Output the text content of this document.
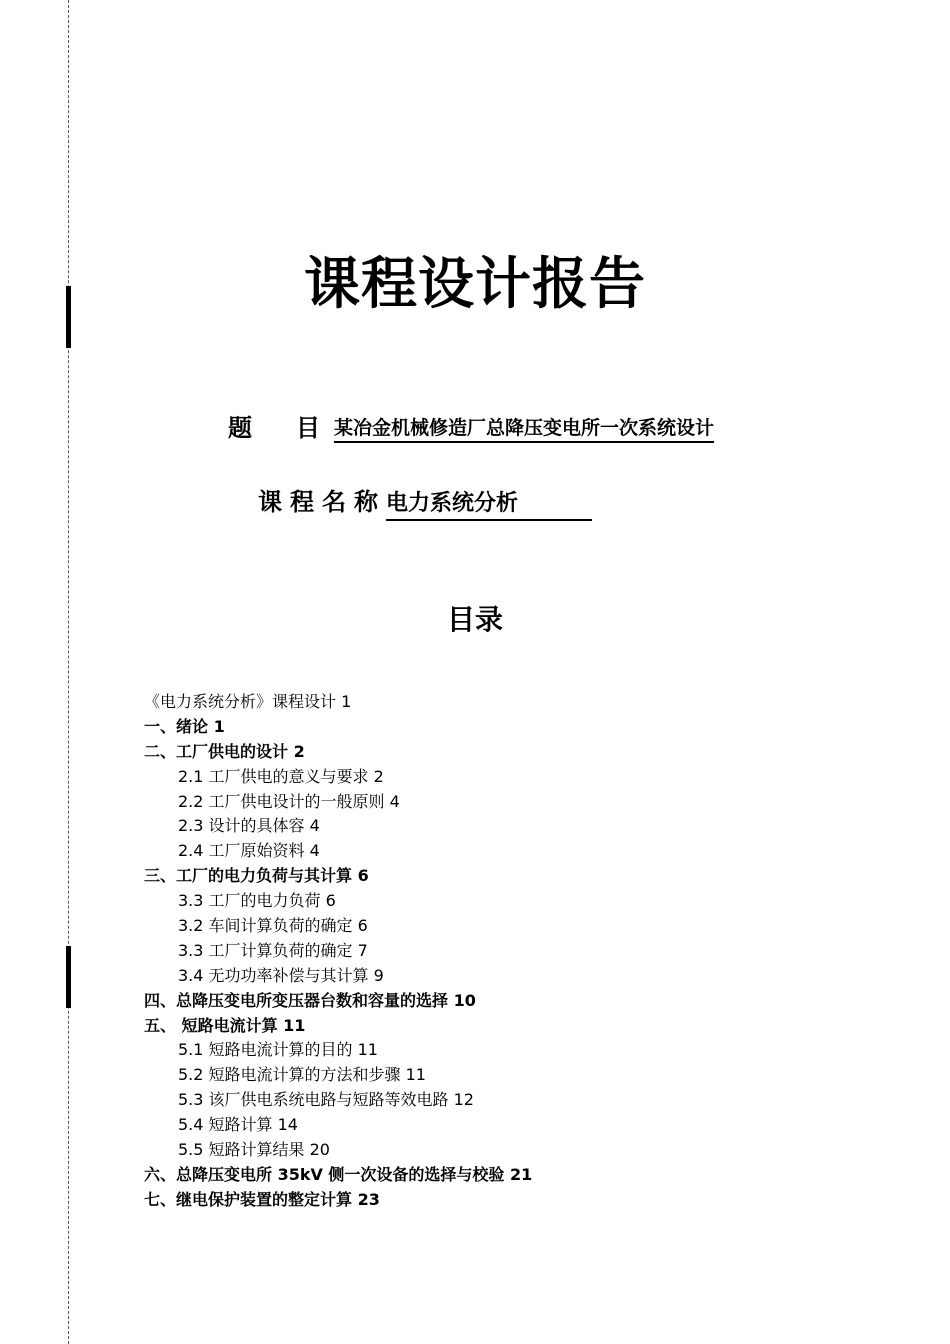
课程设计报告
题 目 某冶金机械修造厂总降压变电所一次系统设计
课程名称电力系统分析
目录
《电力系统分析》课程设计 1
一、绪论 1
二、工厂供电的设计 2
2.1 工厂供电的意义与要求 2
2.2 工厂供电设计的一般原则 4
2.3 设计的具体容 4
2.4 工厂原始资料 4
三、工厂的电力负荷与其计算 6
3.3 工厂的电力负荷 6
3.2 车间计算负荷的确定 6
3.3 工厂计算负荷的确定 7
3.4 无功功率补偿与其计算 9
四、总降压变电所变压器台数和容量的选择 10
五、 短路电流计算 11
5.1 短路电流计算的目的 11
5.2 短路电流计算的方法和步骤 11
5.3 该厂供电系统电路与短路等效电路 12
5.4 短路计算 14
5.5 短路计算结果 20
六、总降压变电所 35kV 侧一次设备的选择与校验 21
七、继电保护装置的整定计算 23
